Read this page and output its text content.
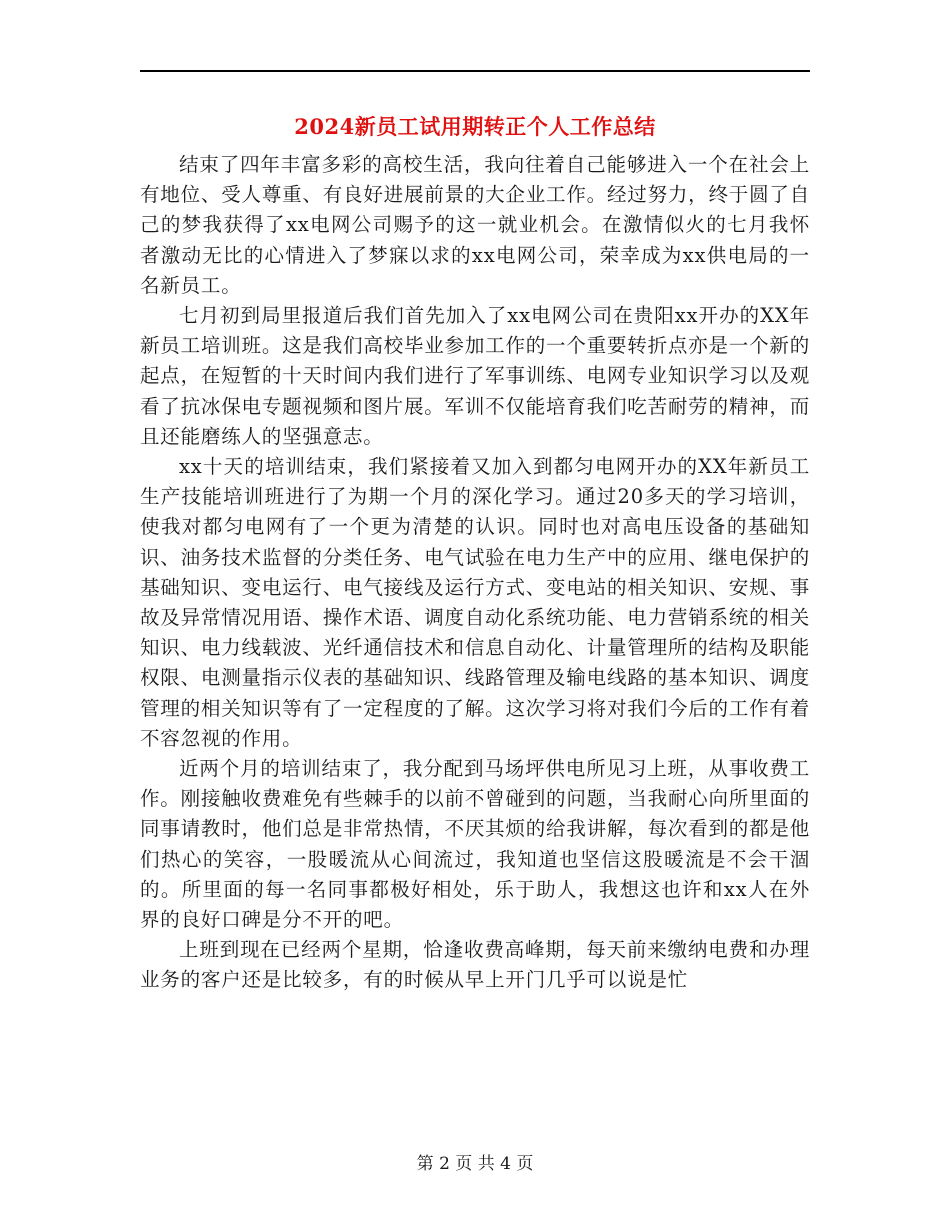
2024新员工试用期转正个人工作总结

结束了四年丰富多彩的高校生活，我向往着自己能够进入一个在社会上有地位、受人尊重、有良好进展前景的大企业工作。经过努力，终于圆了自己的梦我获得了xx电网公司赐予的这一就业机会。在激情似火的七月我怀者激动无比的心情进入了梦寐以求的xx电网公司，荣幸成为xx供电局的一名新员工。

七月初到局里报道后我们首先加入了xx电网公司在贵阳xx开办的XX年新员工培训班。这是我们高校毕业参加工作的一个重要转折点亦是一个新的起点，在短暂的十天时间内我们进行了军事训练、电网专业知识学习以及观看了抗冰保电专题视频和图片展。军训不仅能培育我们吃苦耐劳的精神，而且还能磨练人的坚强意志。

xx十天的培训结束，我们紧接着又加入到都匀电网开办的XX年新员工生产技能培训班进行了为期一个月的深化学习。通过20多天的学习培训，使我对都匀电网有了一个更为清楚的认识。同时也对高电压设备的基础知识、油务技术监督的分类任务、电气试验在电力生产中的应用、继电保护的基础知识、变电运行、电气接线及运行方式、变电站的相关知识、安规、事故及异常情况用语、操作术语、调度自动化系统功能、电力营销系统的相关知识、电力线载波、光纤通信技术和信息自动化、计量管理所的结构及职能权限、电测量指示仪表的基础知识、线路管理及输电线路的基本知识、调度管理的相关知识等有了一定程度的了解。这次学习将对我们今后的工作有着不容忽视的作用。

近两个月的培训结束了，我分配到马场坪供电所见习上班，从事收费工作。刚接触收费难免有些棘手的以前不曾碰到的问题，当我耐心向所里面的同事请教时，他们总是非常热情，不厌其烦的给我讲解，每次看到的都是他们热心的笑容，一股暖流从心间流过，我知道也坚信这股暖流是不会干涸的。所里面的每一名同事都极好相处，乐于助人，我想这也许和xx人在外界的良好口碑是分不开的吧。

上班到现在已经两个星期，恰逢收费高峰期，每天前来缴纳电费和办理业务的客户还是比较多，有的时候从早上开门几乎可以说是忙

第 2 页 共 4 页
